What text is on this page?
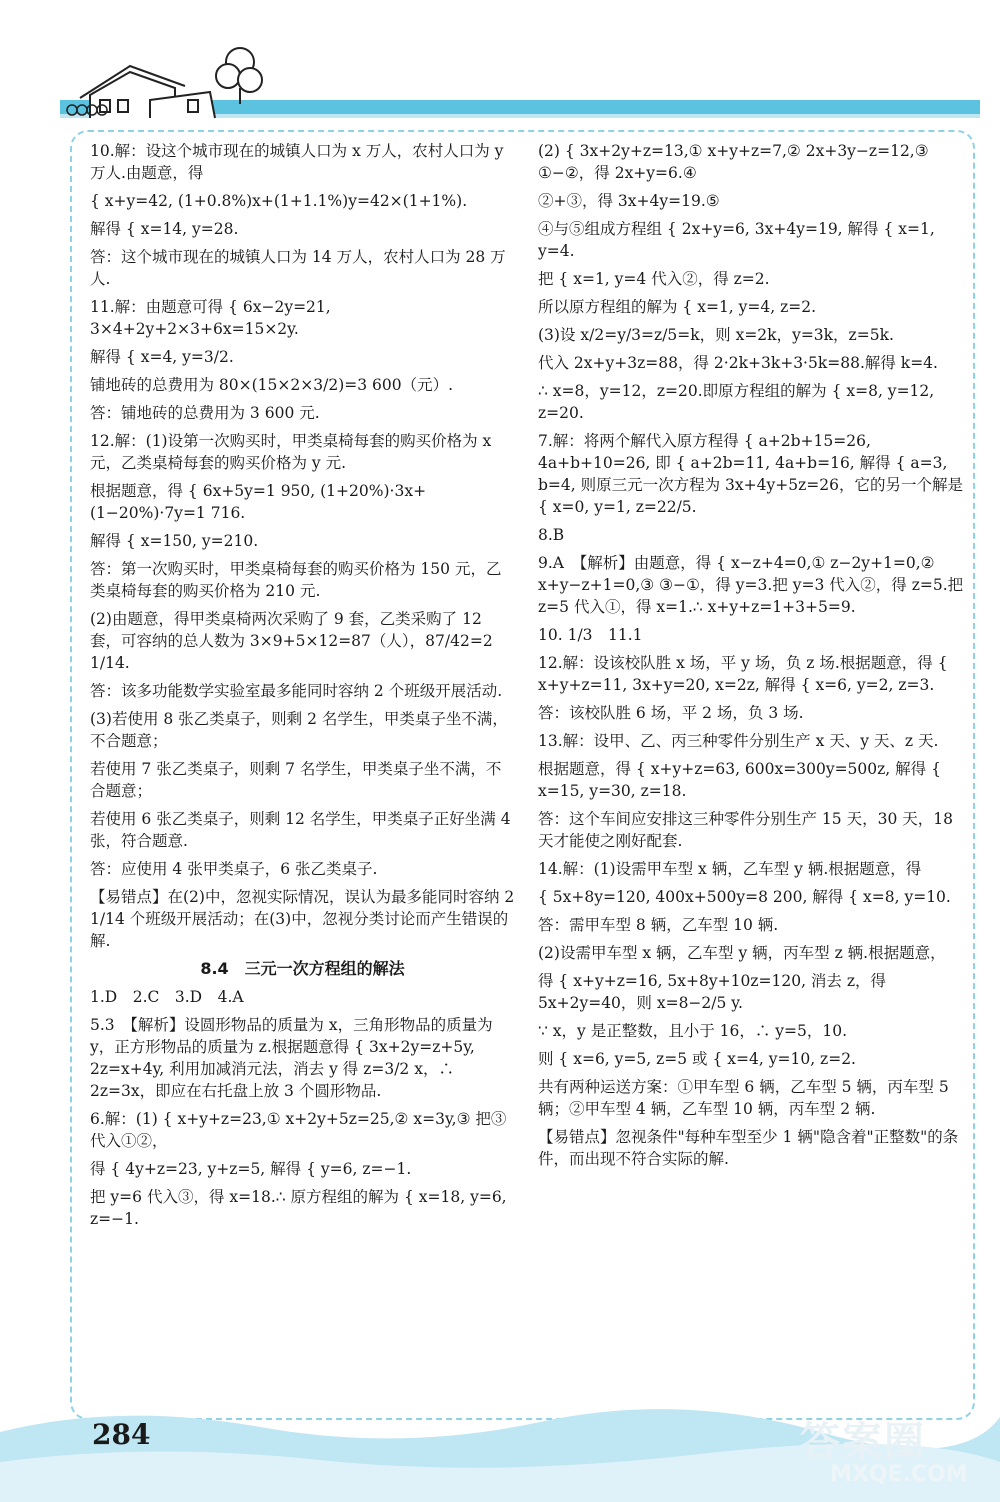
10.解：设这个城市现在的城镇人口为 x 万人，农村人口为 y 万人.由题意，得

{ x+y=42, (1+0.8%)x+(1+1.1%)y=42×(1+1%).

解得 { x=14, y=28.

答：这个城市现在的城镇人口为 14 万人，农村人口为 28 万人.

11.解：由题意可得 { 6x−2y=21, 3×4+2y+2×3+6x=15×2y.

解得 { x=4, y=3/2.

铺地砖的总费用为 80×(15×2×3/2)=3 600（元）.

答：铺地砖的总费用为 3 600 元.

12.解：(1)设第一次购买时，甲类桌椅每套的购买价格为 x 元，乙类桌椅每套的购买价格为 y 元.

根据题意，得 { 6x+5y=1 950, (1+20%)·3x+(1−20%)·7y=1 716.

解得 { x=150, y=210.

答：第一次购买时，甲类桌椅每套的购买价格为 150 元，乙类桌椅每套的购买价格为 210 元.

(2)由题意，得甲类桌椅两次采购了 9 套，乙类采购了 12 套，可容纳的总人数为 3×9+5×12=87（人），87/42=2 1/14.

答：该多功能数学实验室最多能同时容纳 2 个班级开展活动.

(3)若使用 8 张乙类桌子，则剩 2 名学生，甲类桌子坐不满，不合题意；

若使用 7 张乙类桌子，则剩 7 名学生，甲类桌子坐不满，不合题意；

若使用 6 张乙类桌子，则剩 12 名学生，甲类桌子正好坐满 4 张，符合题意.

答：应使用 4 张甲类桌子，6 张乙类桌子.

【易错点】在(2)中，忽视实际情况，误认为最多能同时容纳 2 1/14 个班级开展活动；在(3)中，忽视分类讨论而产生错误的解.

8.4　三元一次方程组的解法

1.D　2.C　3.D　4.A

5.3　【解析】设圆形物品的质量为 x，三角形物品的质量为 y，正方形物品的质量为 z.根据题意得 { 3x+2y=z+5y, 2z=x+4y, 利用加减消元法，消去 y 得 z=3/2 x，∴ 2z=3x，即应在右托盘上放 3 个圆形物品.

6.解：(1) { x+y+z=23,① x+2y+5z=25,② x=3y,③ 把③代入①②，

得 { 4y+z=23, y+z=5, 解得 { y=6, z=−1.

把 y=6 代入③，得 x=18.∴ 原方程组的解为 { x=18, y=6, z=−1.

(2) { 3x+2y+z=13,① x+y+z=7,② 2x+3y−z=12,③ ①−②，得 2x+y=6.④

②+③，得 3x+4y=19.⑤

④与⑤组成方程组 { 2x+y=6, 3x+4y=19, 解得 { x=1, y=4.

把 { x=1, y=4 代入②，得 z=2.

所以原方程组的解为 { x=1, y=4, z=2.

(3)设 x/2=y/3=z/5=k，则 x=2k，y=3k，z=5k.

代入 2x+y+3z=88，得 2·2k+3k+3·5k=88.解得 k=4.

∴ x=8，y=12，z=20.即原方程组的解为 { x=8, y=12, z=20.

7.解：将两个解代入原方程得 { a+2b+15=26, 4a+b+10=26, 即 { a+2b=11, 4a+b=16, 解得 { a=3, b=4, 则原三元一次方程为 3x+4y+5z=26，它的另一个解是 { x=0, y=1, z=22/5.

8.B

9.A　【解析】由题意，得 { x−z+4=0,① z−2y+1=0,② x+y−z+1=0,③ ③−①，得 y=3.把 y=3 代入②，得 z=5.把 z=5 代入①，得 x=1.∴ x+y+z=1+3+5=9.

10. 1/3　11.1

12.解：设该校队胜 x 场，平 y 场，负 z 场.根据题意，得 { x+y+z=11, 3x+y=20, x=2z, 解得 { x=6, y=2, z=3.

答：该校队胜 6 场，平 2 场，负 3 场.

13.解：设甲、乙、丙三种零件分别生产 x 天、y 天、z 天.

根据题意，得 { x+y+z=63, 600x=300y=500z, 解得 { x=15, y=30, z=18.

答：这个车间应安排这三种零件分别生产 15 天，30 天，18 天才能使之刚好配套.

14.解：(1)设需甲车型 x 辆，乙车型 y 辆.根据题意，得

{ 5x+8y=120, 400x+500y=8 200, 解得 { x=8, y=10.

答：需甲车型 8 辆，乙车型 10 辆.

(2)设需甲车型 x 辆，乙车型 y 辆，丙车型 z 辆.根据题意，

得 { x+y+z=16, 5x+8y+10z=120, 消去 z，得 5x+2y=40，则 x=8−2/5 y.

∵ x，y 是正整数，且小于 16，∴ y=5，10.

则 { x=6, y=5, z=5 或 { x=4, y=10, z=2.

共有两种运送方案：①甲车型 6 辆，乙车型 5 辆，丙车型 5 辆；②甲车型 4 辆，乙车型 10 辆，丙车型 2 辆.

【易错点】忽视条件"每种车型至少 1 辆"隐含着"正整数"的条件，而出现不符合实际的解.

284	答案圈
MXQE.COM
